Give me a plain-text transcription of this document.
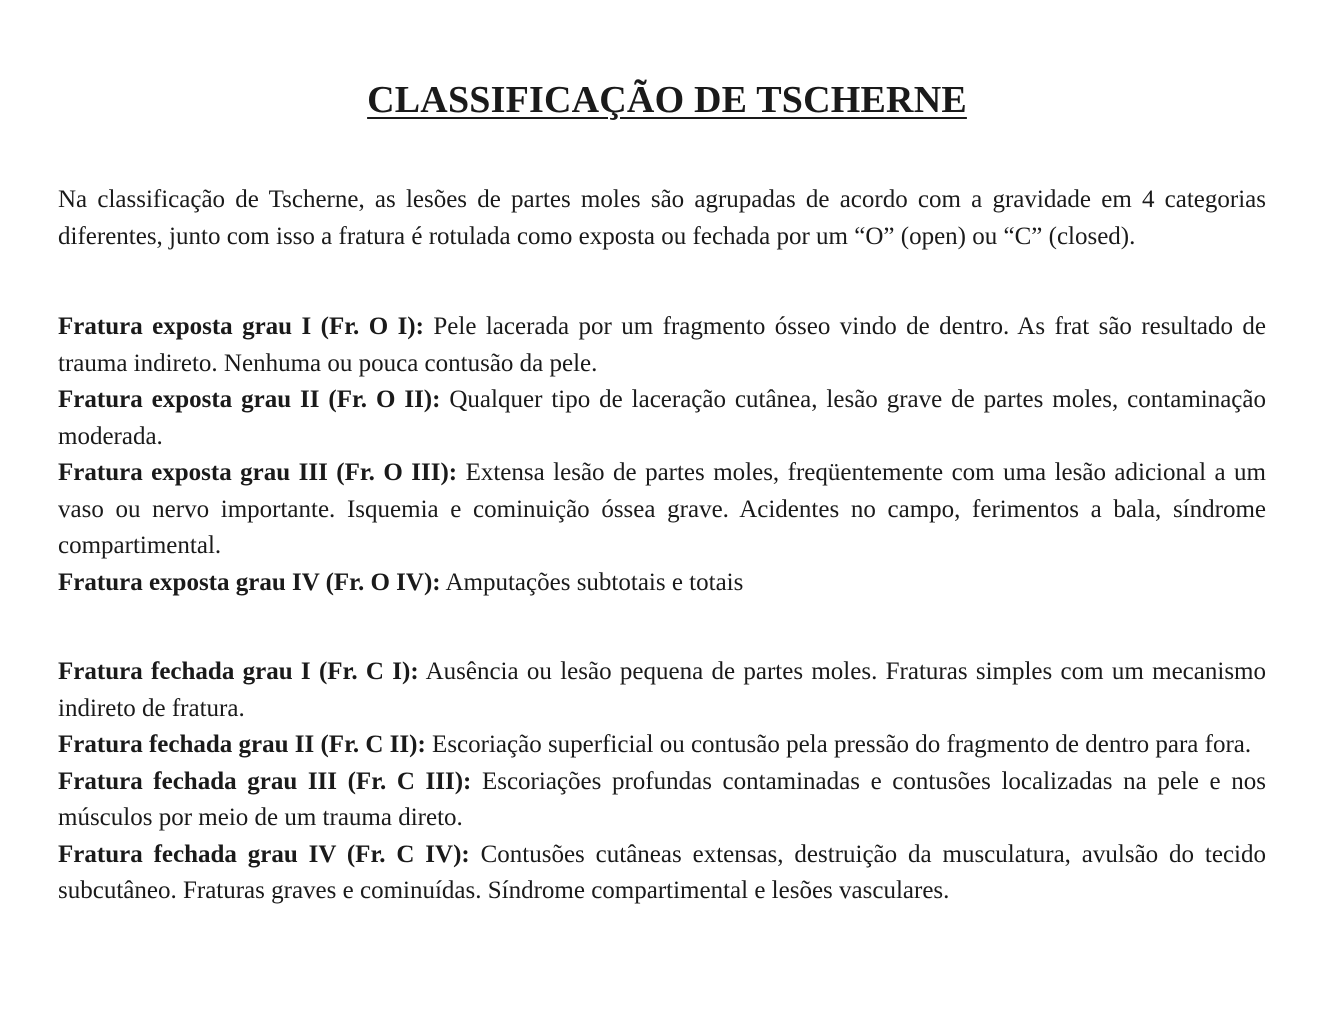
CLASSIFICAÇÃO DE TSCHERNE

Na classificação de Tscherne, as lesões de partes moles são agrupadas de acordo com a gravidade em 4 categorias diferentes, junto com isso a fratura é rotulada como exposta ou fechada por um “O” (open) ou “C” (closed).

Fratura exposta grau I (Fr. O I): Pele lacerada por um fragmento ósseo vindo de dentro. As frat são resultado de trauma indireto. Nenhuma ou pouca contusão da pele.

Fratura exposta grau II (Fr. O II): Qualquer tipo de laceração cutânea, lesão grave de partes moles, contaminação moderada.

Fratura exposta grau III (Fr. O III): Extensa lesão de partes moles, freqüentemente com uma lesão adicional a um vaso ou nervo importante. Isquemia e cominuição óssea grave. Acidentes no campo, ferimentos a bala, síndrome compartimental.

Fratura exposta grau IV (Fr. O IV): Amputações subtotais e totais

Fratura fechada grau I (Fr. C I): Ausência ou lesão pequena de partes moles. Fraturas simples com um mecanismo indireto de fratura.

Fratura fechada grau II (Fr. C II): Escoriação superficial ou contusão pela pressão do fragmento de dentro para fora.

Fratura fechada grau III (Fr. C III): Escoriações profundas contaminadas e contusões localizadas na pele e nos músculos por meio de um trauma direto.

Fratura fechada grau IV (Fr. C IV): Contusões cutâneas extensas, destruição da musculatura, avulsão do tecido subcutâneo. Fraturas graves e cominuídas. Síndrome compartimental e lesões vasculares.
